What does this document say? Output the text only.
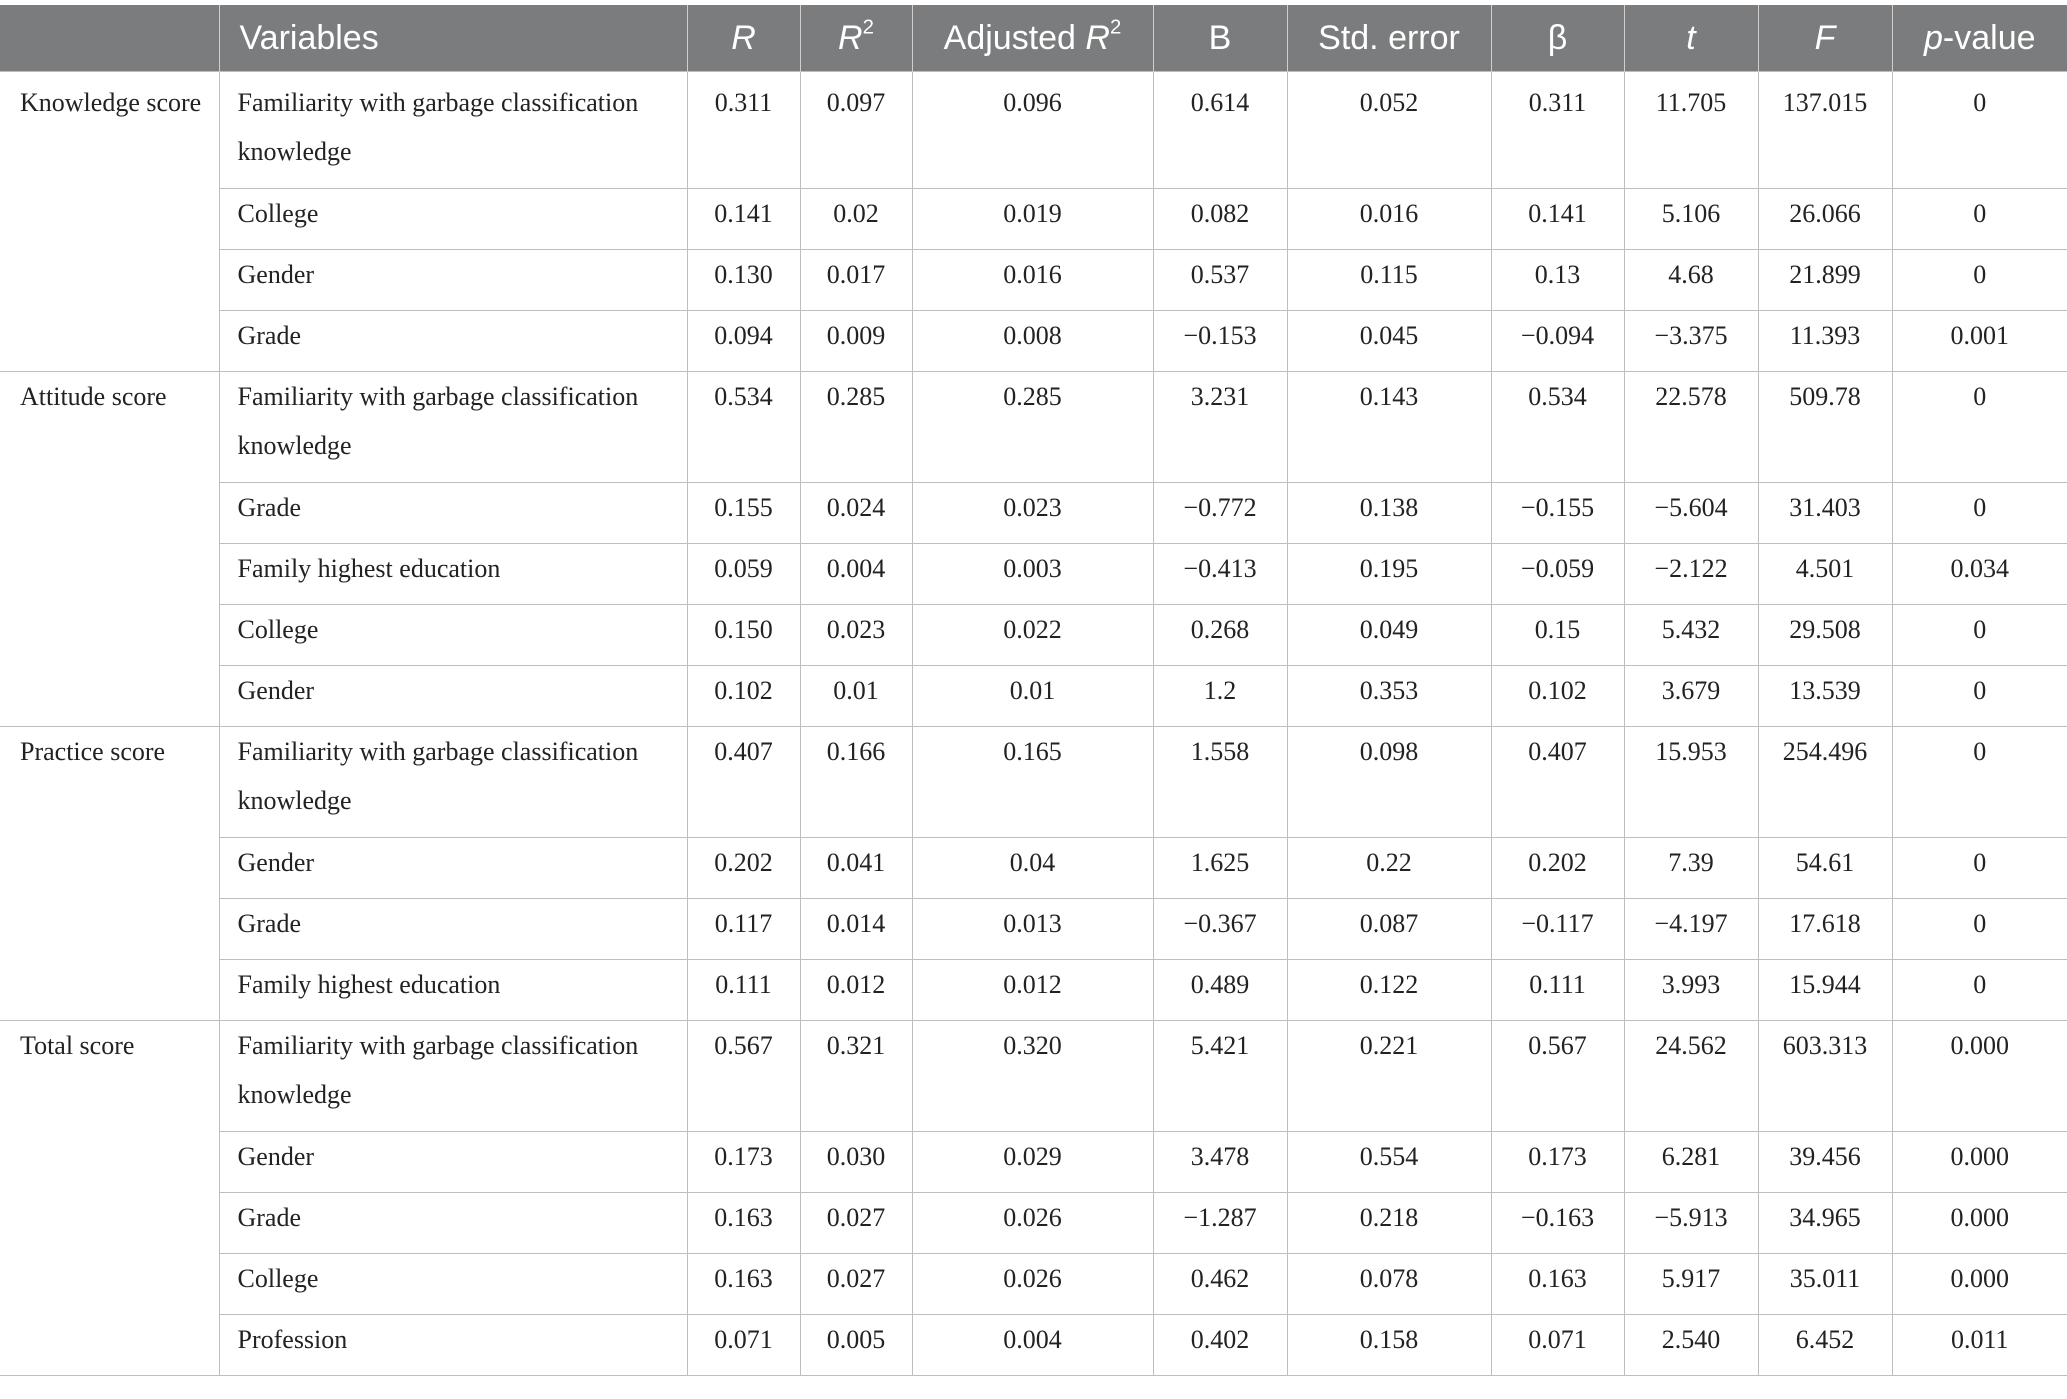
	Variables	R	$R^2$	Adjusted $R^2$	B	Std. error	β	t	F	p-value
Knowledge score	Familiarity with garbage classification knowledge	0.311	0.097	0.096	0.614	0.052	0.311	11.705	137.015	0
	College	0.141	0.02	0.019	0.082	0.016	0.141	5.106	26.066	0
	Gender	0.130	0.017	0.016	0.537	0.115	0.13	4.68	21.899	0
	Grade	0.094	0.009	0.008	−0.153	0.045	−0.094	−3.375	11.393	0.001
Attitude score	Familiarity with garbage classification knowledge	0.534	0.285	0.285	3.231	0.143	0.534	22.578	509.78	0
	Grade	0.155	0.024	0.023	−0.772	0.138	−0.155	−5.604	31.403	0
	Family highest education	0.059	0.004	0.003	−0.413	0.195	−0.059	−2.122	4.501	0.034
	College	0.150	0.023	0.022	0.268	0.049	0.15	5.432	29.508	0
	Gender	0.102	0.01	0.01	1.2	0.353	0.102	3.679	13.539	0
Practice score	Familiarity with garbage classification knowledge	0.407	0.166	0.165	1.558	0.098	0.407	15.953	254.496	0
	Gender	0.202	0.041	0.04	1.625	0.22	0.202	7.39	54.61	0
	Grade	0.117	0.014	0.013	−0.367	0.087	−0.117	−4.197	17.618	0
	Family highest education	0.111	0.012	0.012	0.489	0.122	0.111	3.993	15.944	0
Total score	Familiarity with garbage classification knowledge	0.567	0.321	0.320	5.421	0.221	0.567	24.562	603.313	0.000
	Gender	0.173	0.030	0.029	3.478	0.554	0.173	6.281	39.456	0.000
	Grade	0.163	0.027	0.026	−1.287	0.218	−0.163	−5.913	34.965	0.000
	College	0.163	0.027	0.026	0.462	0.078	0.163	5.917	35.011	0.000
	Profession	0.071	0.005	0.004	0.402	0.158	0.071	2.540	6.452	0.011
